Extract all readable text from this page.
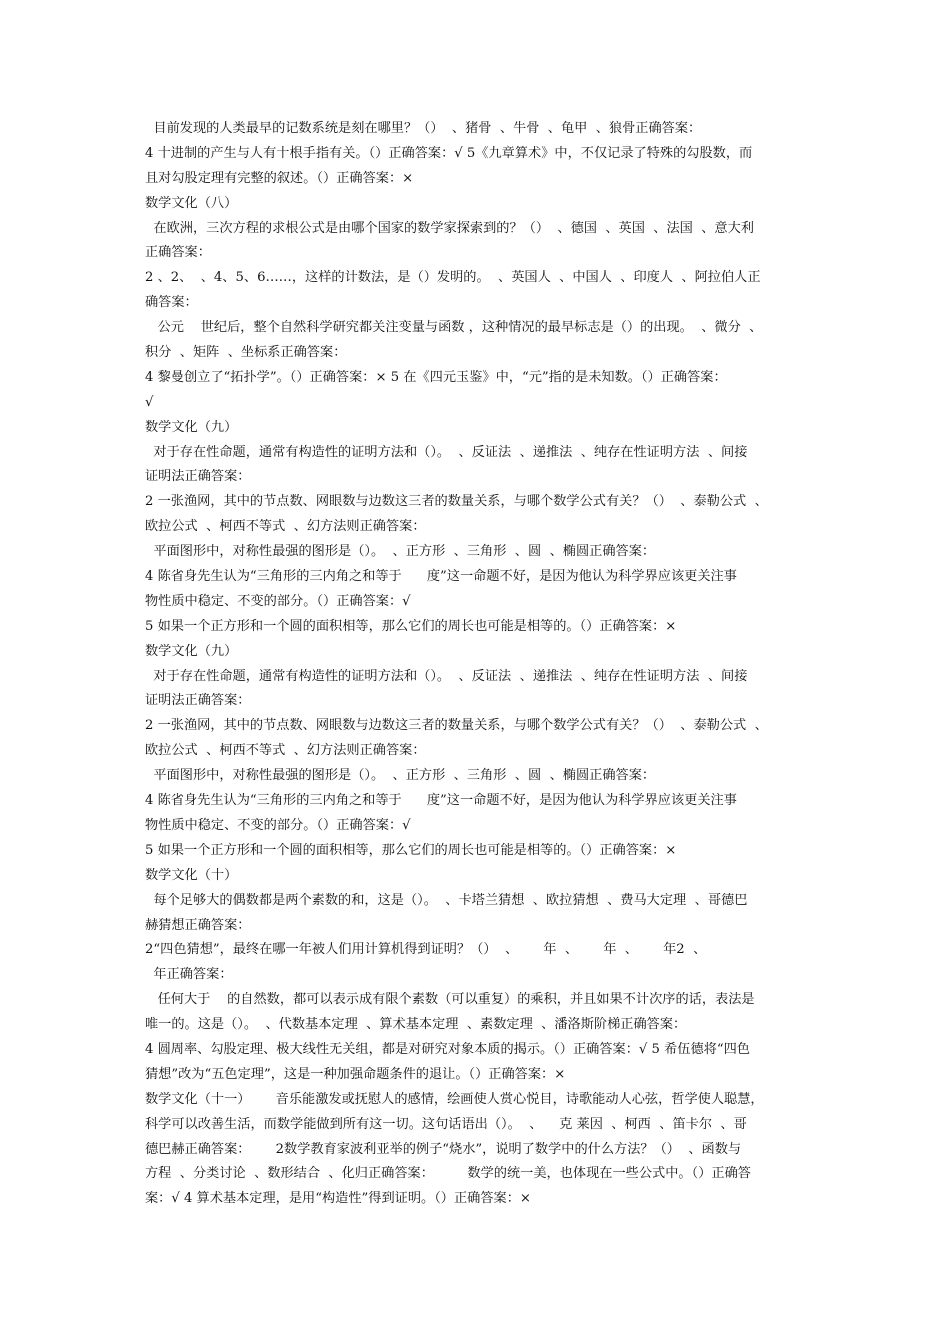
目前发现的人类最早的记数系统是刻在哪里？（）  、猪骨  、牛骨  、龟甲  、狼骨正确答案：
4 十进制的产生与人有十根手指有关。（）正确答案：√ 5《九章算术》中，不仅记录了特殊的勾股数，而
且对勾股定理有完整的叙述。（）正确答案：×
数学文化（八）
在欧洲，三次方程的求根公式是由哪个国家的数学家探索到的？（）  、德国  、英国  、法国  、意大利
正确答案：
2 、2、  、4、5、6……，这样的计数法，是（）发明的。  、英国人  、中国人  、印度人  、阿拉伯人正
确答案：
公元    世纪后，整个自然科学研究都关注变量与函数 ，这种情况的最早标志是（）的出现。  、微分  、
积分  、矩阵  、坐标系正确答案：
4 黎曼创立了“拓扑学”。（）正确答案：× 5 在《四元玉鉴》中，“元”指的是未知数。（）正确答案：
√
数学文化（九）
对于存在性命题，通常有构造性的证明方法和（）。  、反证法  、递推法  、纯存在性证明方法  、间接
证明法正确答案：
2 一张渔网，其中的节点数、网眼数与边数这三者的数量关系，与哪个数学公式有关？（）  、泰勒公式  、
欧拉公式  、柯西不等式  、幻方法则正确答案：
平面图形中，对称性最强的图形是（）。  、正方形  、三角形  、圆  、椭圆正确答案：
4 陈省身先生认为“三角形的三内角之和等于      度”这一命题不好，是因为他认为科学界应该更关注事
物性质中稳定、不变的部分。（）正确答案：√
5 如果一个正方形和一个圆的面积相等，那么它们的周长也可能是相等的。（）正确答案：×
数学文化（九）
对于存在性命题，通常有构造性的证明方法和（）。  、反证法  、递推法  、纯存在性证明方法  、间接
证明法正确答案：
2 一张渔网，其中的节点数、网眼数与边数这三者的数量关系，与哪个数学公式有关？（）  、泰勒公式  、
欧拉公式  、柯西不等式  、幻方法则正确答案：
平面图形中，对称性最强的图形是（）。  、正方形  、三角形  、圆  、椭圆正确答案：
4 陈省身先生认为“三角形的三内角之和等于      度”这一命题不好，是因为他认为科学界应该更关注事
物性质中稳定、不变的部分。（）正确答案：√
5 如果一个正方形和一个圆的面积相等，那么它们的周长也可能是相等的。（）正确答案：×
数学文化（十）
每个足够大的偶数都是两个素数的和，这是（）。  、卡塔兰猜想  、欧拉猜想  、费马大定理  、哥德巴
赫猜想正确答案：
2“四色猜想”，最终在哪一年被人们用计算机得到证明？（）  、      年  、      年  、      年2  、
年正确答案：
任何大于    的自然数，都可以表示成有限个素数（可以重复）的乘积，并且如果不计次序的话，表法是
唯一的。这是（）。  、代数基本定理  、算术基本定理  、素数定理  、潘洛斯阶梯正确答案：
4 圆周率、勾股定理、极大线性无关组，都是对研究对象本质的揭示。（）正确答案：√ 5 希伍德将“四色
猜想”改为“五色定理”，这是一种加强命题条件的退让。（）正确答案：×
数学文化（十一）      音乐能激发或抚慰人的感情，绘画使人赏心悦目，诗歌能动人心弦，哲学使人聪慧，
科学可以改善生活，而数学能做到所有这一切。这句话语出（）。  、    克 莱因  、柯西  、笛卡尔  、哥
德巴赫正确答案：      2数学教育家波利亚举的例子“烧水”，说明了数学中的什么方法？（）  、函数与
方程  、分类讨论  、数形结合  、化归正确答案：        数学的统一美，也体现在一些公式中。（）正确答
案：√ 4 算术基本定理，是用“构造性”得到证明。（）正确答案：×
